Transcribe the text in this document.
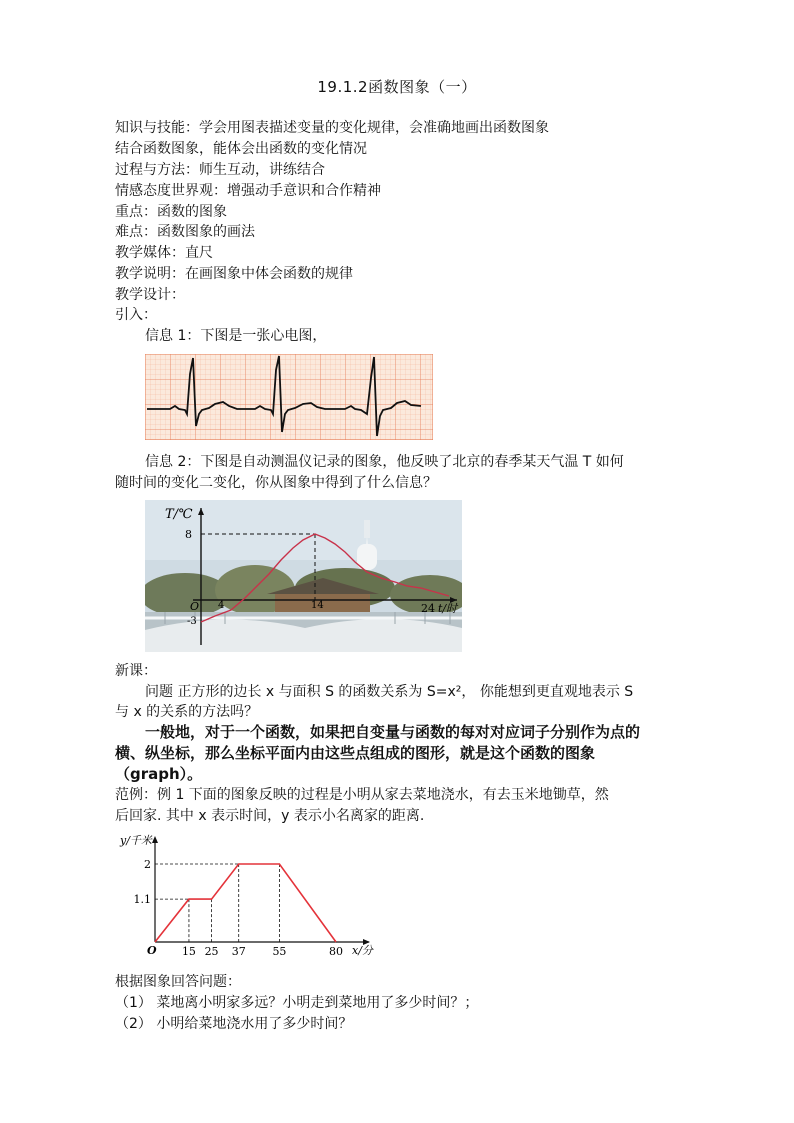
19.1.2函数图象（一）
知识与技能：学会用图表描述变量的变化规律，会准确地画出函数图象
结合函数图象，能体会出函数的变化情况
过程与方法：师生互动，讲练结合
情感态度世界观：增强动手意识和合作精神
重点：函数的图象
难点：函数图象的画法
教学媒体：直尺
教学说明：在画图象中体会函数的规律
教学设计：
引入：
信息 1：下图是一张心电图，
信息 2：下图是自动测温仪记录的图象，他反映了北京的春季某天气温 T 如何
随时间的变化二变化，你从图象中得到了什么信息？
T/℃
8
O
-3
4	14	24 t/时
新课：
问题 正方形的边长 x 与面积 S 的函数关系为 S=x²， 你能想到更直观地表示 S
与 x 的关系的方法吗？
一般地，对于一个函数，如果把自变量与函数的每对对应词子分别作为点的
横、纵坐标，那么坐标平面内由这些点组成的图形，就是这个函数的图象
（graph）。
范例：例 1 下面的图象反映的过程是小明从家去菜地浇水，有去玉米地锄草，然
后回家. 其中 x 表示时间，y 表示小名离家的距离.
1.1
2
15 25 37 55	80
y/千米
x/分
O
根据图象回答问题：
（1） 菜地离小明家多远？小明走到菜地用了多少时间？；
（2） 小明给菜地浇水用了多少时间？
